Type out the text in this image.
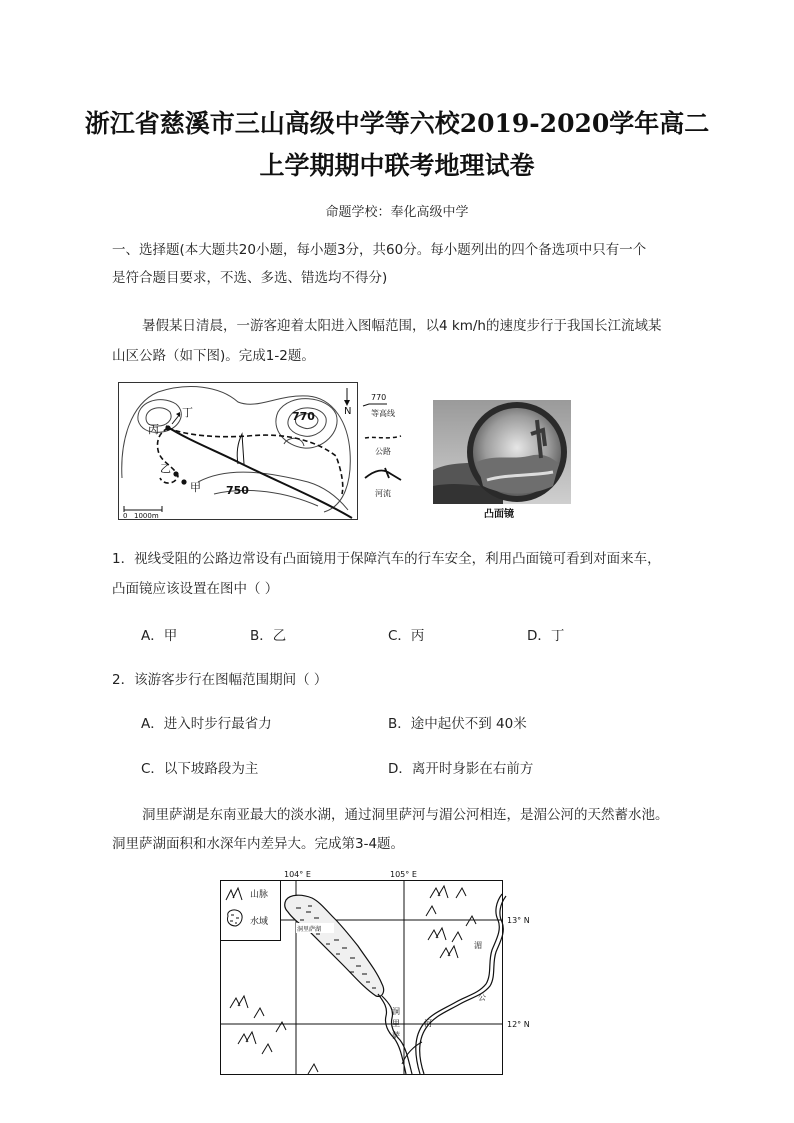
浙江省慈溪市三山高级中学等六校2019-2020学年高二
上学期期中联考地理试卷
命题学校：奉化高级中学
一、选择题(本大题共20小题，每小题3分，共60分。每小题列出的四个备选项中只有一个
是符合题目要求，不选、多选、错选均不得分)
暑假某日清晨，一游客迎着太阳进入图幅范围，以4 km/h的速度步行于我国长江流域某
山区公路（如下图)。完成1-2题。
770
750
丙
丁
乙
甲
N
0 1000m
770
等高线
公路
河流
凸面镜
1．视线受阻的公路边常设有凸面镜用于保障汽车的行车安全，利用凸面镜可看到对面来车，
凸面镜应该设置在图中（ ）
A．甲	B．乙	C．丙	D．丁
2．该游客步行在图幅范围期间（ ）
A．进入时步行最省力	B．途中起伏不到 40米
C．以下坡路段为主	D．离开时身影在右前方
洞里萨湖是东南亚最大的淡水湖，通过洞里萨河与湄公河相连，是湄公河的天然蓄水池。
洞里萨湖面积和水深年内差异大。完成第3-4题。
104° E	105° E
13° N
12° N
山脉
水域
洞里萨湖
洞
里
萨
河
湄
公
